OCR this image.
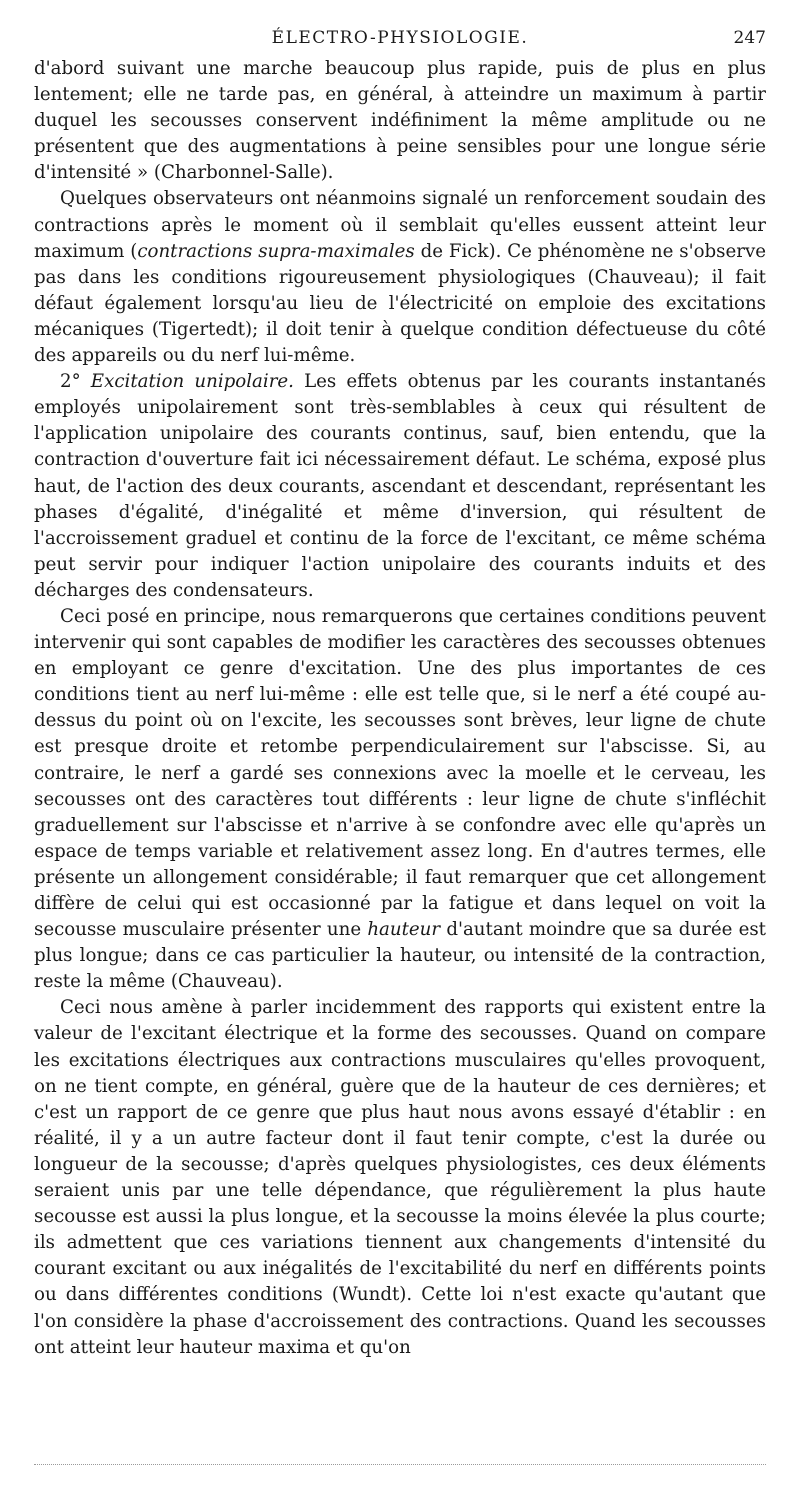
ÉLECTRO-PHYSIOLOGIE.	247

d'abord suivant une marche beaucoup plus rapide, puis de plus en plus lentement; elle ne tarde pas, en général, à atteindre un maximum à partir duquel les secousses conservent indéfiniment la même amplitude ou ne présentent que des augmentations à peine sensibles pour une longue série d'intensité » (Charbonnel-Salle).

Quelques observateurs ont néanmoins signalé un renforcement soudain des contractions après le moment où il semblait qu'elles eussent atteint leur maximum (contractions supra-maximales de Fick). Ce phénomène ne s'observe pas dans les conditions rigoureusement physiologiques (Chauveau); il fait défaut également lorsqu'au lieu de l'électricité on emploie des excitations mécaniques (Tigertedt); il doit tenir à quelque condition défectueuse du côté des appareils ou du nerf lui-même.

2° Excitation unipolaire. Les effets obtenus par les courants instantanés employés unipolairement sont très-semblables à ceux qui résultent de l'application unipolaire des courants continus, sauf, bien entendu, que la contraction d'ouverture fait ici nécessairement défaut. Le schéma, exposé plus haut, de l'action des deux courants, ascendant et descendant, représentant les phases d'égalité, d'inégalité et même d'inversion, qui résultent de l'accroissement graduel et continu de la force de l'excitant, ce même schéma peut servir pour indiquer l'action unipolaire des courants induits et des décharges des condensateurs.

Ceci posé en principe, nous remarquerons que certaines conditions peuvent intervenir qui sont capables de modifier les caractères des secousses obtenues en employant ce genre d'excitation. Une des plus importantes de ces conditions tient au nerf lui-même : elle est telle que, si le nerf a été coupé au-dessus du point où on l'excite, les secousses sont brèves, leur ligne de chute est presque droite et retombe perpendiculairement sur l'abscisse. Si, au contraire, le nerf a gardé ses connexions avec la moelle et le cerveau, les secousses ont des caractères tout différents : leur ligne de chute s'infléchit graduellement sur l'abscisse et n'arrive à se confondre avec elle qu'après un espace de temps variable et relativement assez long. En d'autres termes, elle présente un allongement considérable; il faut remarquer que cet allongement diffère de celui qui est occasionné par la fatigue et dans lequel on voit la secousse musculaire présenter une hauteur d'autant moindre que sa durée est plus longue; dans ce cas particulier la hauteur, ou intensité de la contraction, reste la même (Chauveau).

Ceci nous amène à parler incidemment des rapports qui existent entre la valeur de l'excitant électrique et la forme des secousses. Quand on compare les excitations électriques aux contractions musculaires qu'elles provoquent, on ne tient compte, en général, guère que de la hauteur de ces dernières; et c'est un rapport de ce genre que plus haut nous avons essayé d'établir : en réalité, il y a un autre facteur dont il faut tenir compte, c'est la durée ou longueur de la secousse; d'après quelques physiologistes, ces deux éléments seraient unis par une telle dépendance, que régulièrement la plus haute secousse est aussi la plus longue, et la secousse la moins élevée la plus courte; ils admettent que ces variations tiennent aux changements d'intensité du courant excitant ou aux inégalités de l'excitabilité du nerf en différents points ou dans différentes conditions (Wundt). Cette loi n'est exacte qu'autant que l'on considère la phase d'accroissement des contractions. Quand les secousses ont atteint leur hauteur maxima et qu'on
